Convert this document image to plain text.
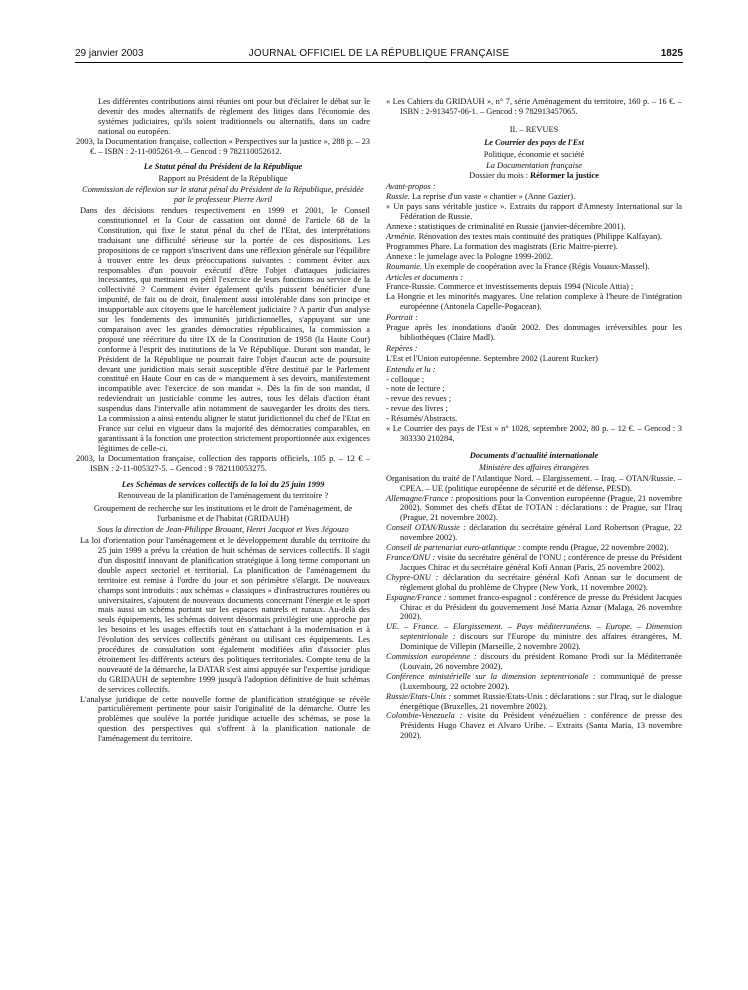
29 janvier 2003	JOURNAL OFFICIEL DE LA RÉPUBLIQUE FRANÇAISE	1825

Les différentes contributions ainsi réunies ont pour but d'éclairer le débat sur le devenir des modes alternatifs de règlement des litiges dans l'économie des systèmes judiciaires, qu'ils soient traditionnels ou alternatifs, dans un cadre national ou européen.

2003, la Documentation française, collection « Perspectives sur la justice », 288 p. – 23 €. – ISBN : 2-11-005261-9. – Gencod : 9 782110052612.

Le Statut pénal du Président de la République

Rapport au Président de la République

Commission de réflexion sur le statut pénal du Président de la République, présidée par le professeur Pierre Avril

Dans des décisions rendues respectivement en 1999 et 2001, le Conseil constitutionnel et la Cour de cassation ont donné de l'article 68 de la Constitution, qui fixe le statut pénal du chef de l'Etat, des interprétations traduisant une difficulté sérieuse sur la portée de ces dispositions. Les propositions de ce rapport s'inscrivent dans une réflexion générale sur l'équilibre à trouver entre les deux préoccupations suivantes : comment éviter aux responsables d'un pouvoir exécutif d'être l'objet d'attaques judiciaires incessantes, qui mettraient en péril l'exercice de leurs fonctions au service de la collectivité ? Comment éviter également qu'ils puissent bénéficier d'une impunité, de fait ou de droit, finalement aussi intolérable dans son principe et insupportable aux citoyens que le harcèlement judiciaire ? A partir d'un analyse sur les fondements des immunités juridictionnelles, s'appuyant sur une comparaison avec les grandes démocraties républicaines, la commission a proposé une réécriture du titre IX de la Constitution de 1958 (la Haute Cour) conforme à l'esprit des institutions de la Ve République. Durant son mandat, le Président de la République ne pourrait faire l'objet d'aucun acte de poursuite devant une juridiction mais serait susceptible d'être destitué par le Parlement constitué en Haute Cour en cas de « manquement à ses devoirs, manifestement incompatible avec l'exercice de son mandat ». Dès la fin de son mandat, il redeviendrait un justiciable comme les autres, tous les délais d'action étant suspendus dans l'intervalle afin notamment de sauvegarder les droits des tiers. La commission a ainsi entendu aligner le statut juridictionnel du chef de l'Etat en France sur celui en vigueur dans la majorité des démocraties comparables, en garantissant à la fonction une protection strictement proportionnée aux exigences légitimes de celle-ci.

2003, la Documentation française, collection des rapports officiels, 105 p. – 12 € – ISBN : 2-11-005327-5. – Gencod : 9 782110053275.

Les Schémas de services collectifs de la loi du 25 juin 1999

Renouveau de la planification de l'aménagement du territoire ?

Groupement de recherche sur les institutions et le droit de l'aménagement, de l'urbanisme et de l'habitat (GRIDAUH)

Sous la direction de Jean-Philippe Brouant, Henri Jacquot et Yves Jégouzo

La loi d'orientation pour l'aménagement et le développement durable du territoire du 25 juin 1999 a prévu la création de huit schémas de services collectifs. Il s'agit d'un dispositif innovant de planification stratégique à long terme comportant un double aspect sectoriel et territorial. La planification de l'aménagement du territoire est remise à l'ordre du jour et son périmètre s'élargit. De nouveaux champs sont introduits : aux schémas « classiques » d'infrastructures routières ou universitaires, s'ajoutent de nouveaux documents concernant l'énergie et le sport mais aussi un schéma portant sur les espaces naturels et ruraux. Au-delà des seuls équipements, les schémas doivent désormais privilégier une approche par les besoins et les usages effectifs tout en s'attachant à la modernisation et à l'évolution des services collectifs générant ou utilisant ces équipements. Les procédures de consultation sont également modifiées afin d'associer plus étroitement les différents acteurs des politiques territoriales. Compte tenu de la nouveauté de la démarche, la DATAR s'est ainsi appuyée sur l'expertise juridique du GRIDAUH de septembre 1999 jusqu'à l'adoption définitive de huit schémas de services collectifs.

L'analyse juridique de cette nouvelle forme de planification stratégique se révèle particulièrement pertinente pour saisir l'originalité de la démarche. Outre les problèmes que soulève la portée juridique actuelle des schémas, se pose la question des perspectives qui s'offrent à la planification nationale de l'aménagement du territoire.

« Les Cahiers du GRIDAUH », n° 7, série Aménagement du territoire, 160 p. – 16 €. – ISBN : 2-913457-06-1. – Gencod : 9 782913457065.

II. – REVUES

Le Courrier des pays de l'Est

Politique, économie et société

La Documentation française

Dossier du mois : Réformer la justice

Avant-propos :

Russie. La reprise d'un vaste « chantier » (Anne Gazier).

« Un pays sans véritable justice ». Extraits du rapport d'Amnesty International sur la Fédération de Russie.

Annexe : statistiques de criminalité en Russie (janvier-décembre 2001).

Arménie. Rénovation des textes mais continuité des pratiques (Philippe Kalfayan).

Programmes Phare. La formation des magistrats (Eric Maitre-pierre).

Annexe : le jumelage avec la Pologne 1999-2002.

Roumanie. Un exemple de coopération avec la France (Régis Vouaux-Massel).

Articles et documents :

France-Russie. Commerce et investissements depuis 1994 (Nicole Attia) ;

La Hongrie et les minorités magyares. Une relation complexe à l'heure de l'intégration européenne (Antonela Capelle-Pogacean).

Portrait :

Prague après les inondations d'août 2002. Des dommages irréversibles pour les bibliothèques (Claire Madl).

Repères :

L'Est et l'Union européenne. Septembre 2002 (Laurent Rucker)

Entendu et lu :

- colloque ;

- note de lecture ;

- revue des revues ;

- revue des livres ;

- Résumés/Abstracts.

« Le Courrier des pays de l'Est » n° 1028, septembre 2002, 80 p. – 12 €. – Gencod : 3 303330 210284.

Documents d'actualité internationale

Ministère des affaires étrangères

Organisation du traité de l'Atlantique Nord. – Elargissement. – Iraq. – OTAN/Russie. – CPEA. – UE (politique européenne de sécurité et de défense, PESD).

Allemagne/France : propositions pour la Convention européenne (Prague, 21 novembre 2002). Sommet des chefs d'Etat de l'OTAN : déclarations : de Prague, sur l'Iraq (Prague, 21 novembre 2002).

Conseil OTAN/Russie : déclaration du secrétaire général Lord Robertson (Prague, 22 novembre 2002).

Conseil de partenariat euro-atlantique : compte rendu (Prague, 22 novembre 2002).

France/ONU : visite du secrétaire général de l'ONU ; conférence de presse du Président Jacques Chirac et du secrétaire général Kofi Annan (Paris, 25 novembre 2002).

Chypre-ONU : déclaration du secrétaire général Kofi Annan sur le document de règlement global du problème de Chypre (New York, 11 novembre 2002).

Espagne/France : sommet franco-espagnol : conférence de presse du Président Jacques Chirac et du Président du gouvernement José Maria Aznar (Malaga, 26 novembre 2002).

UE. – France. – Elargissement. – Pays méditerranéens. – Europe. – Dimension septentrionale : discours sur l'Europe du ministre des affaires étrangères, M. Dominique de Villepin (Marseille, 2 novembre 2002).

Commission européenne : discours du président Romano Prodi sur la Méditerranée (Louvain, 26 novembre 2002).

Conférence ministérielle sur la dimension septentrionale : communiqué de presse (Luxembourg, 22 octobre 2002).

Russie/Etats-Unis : sommet Russie/Etats-Unis : déclarations : sur l'Iraq, sur le dialogue énergétique (Bruxelles, 21 novembre 2002).

Colombie-Venezuela : visite du Président vénézuélien : conférence de presse des Présidents Hugo Chavez et Alvaro Uribe. – Extraits (Santa Maria, 13 novembre 2002).
